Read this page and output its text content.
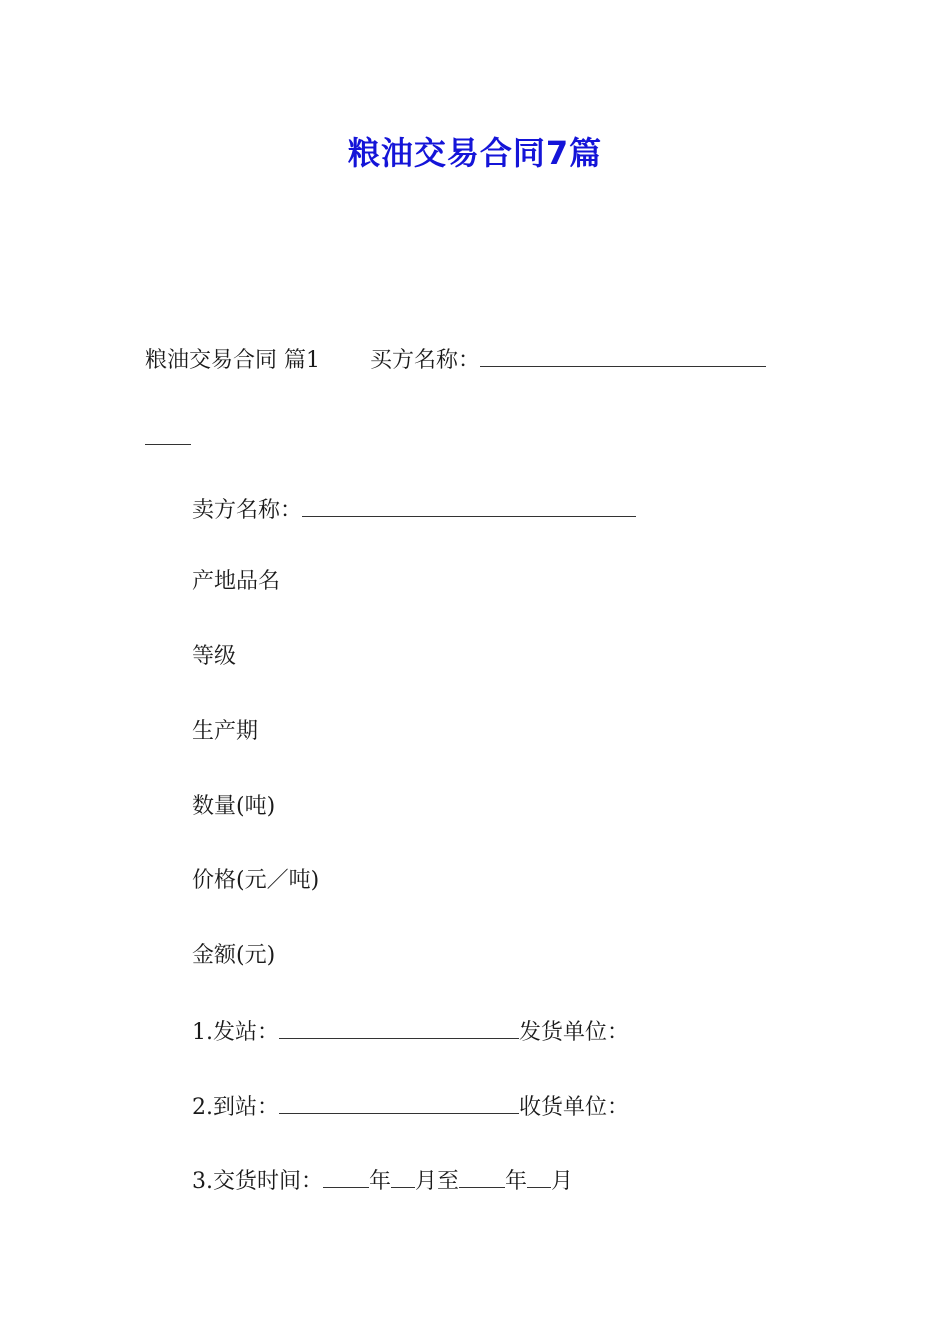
粮油交易合同7篇
粮油交易合同 篇1 买方名称：
卖方名称：
产地品名
等级
生产期
数量(吨)
价格(元／吨)
金额(元)
1.发站：	发货单位：
2.到站：	收货单位：
3.交货时间： 年 月至 年 月
